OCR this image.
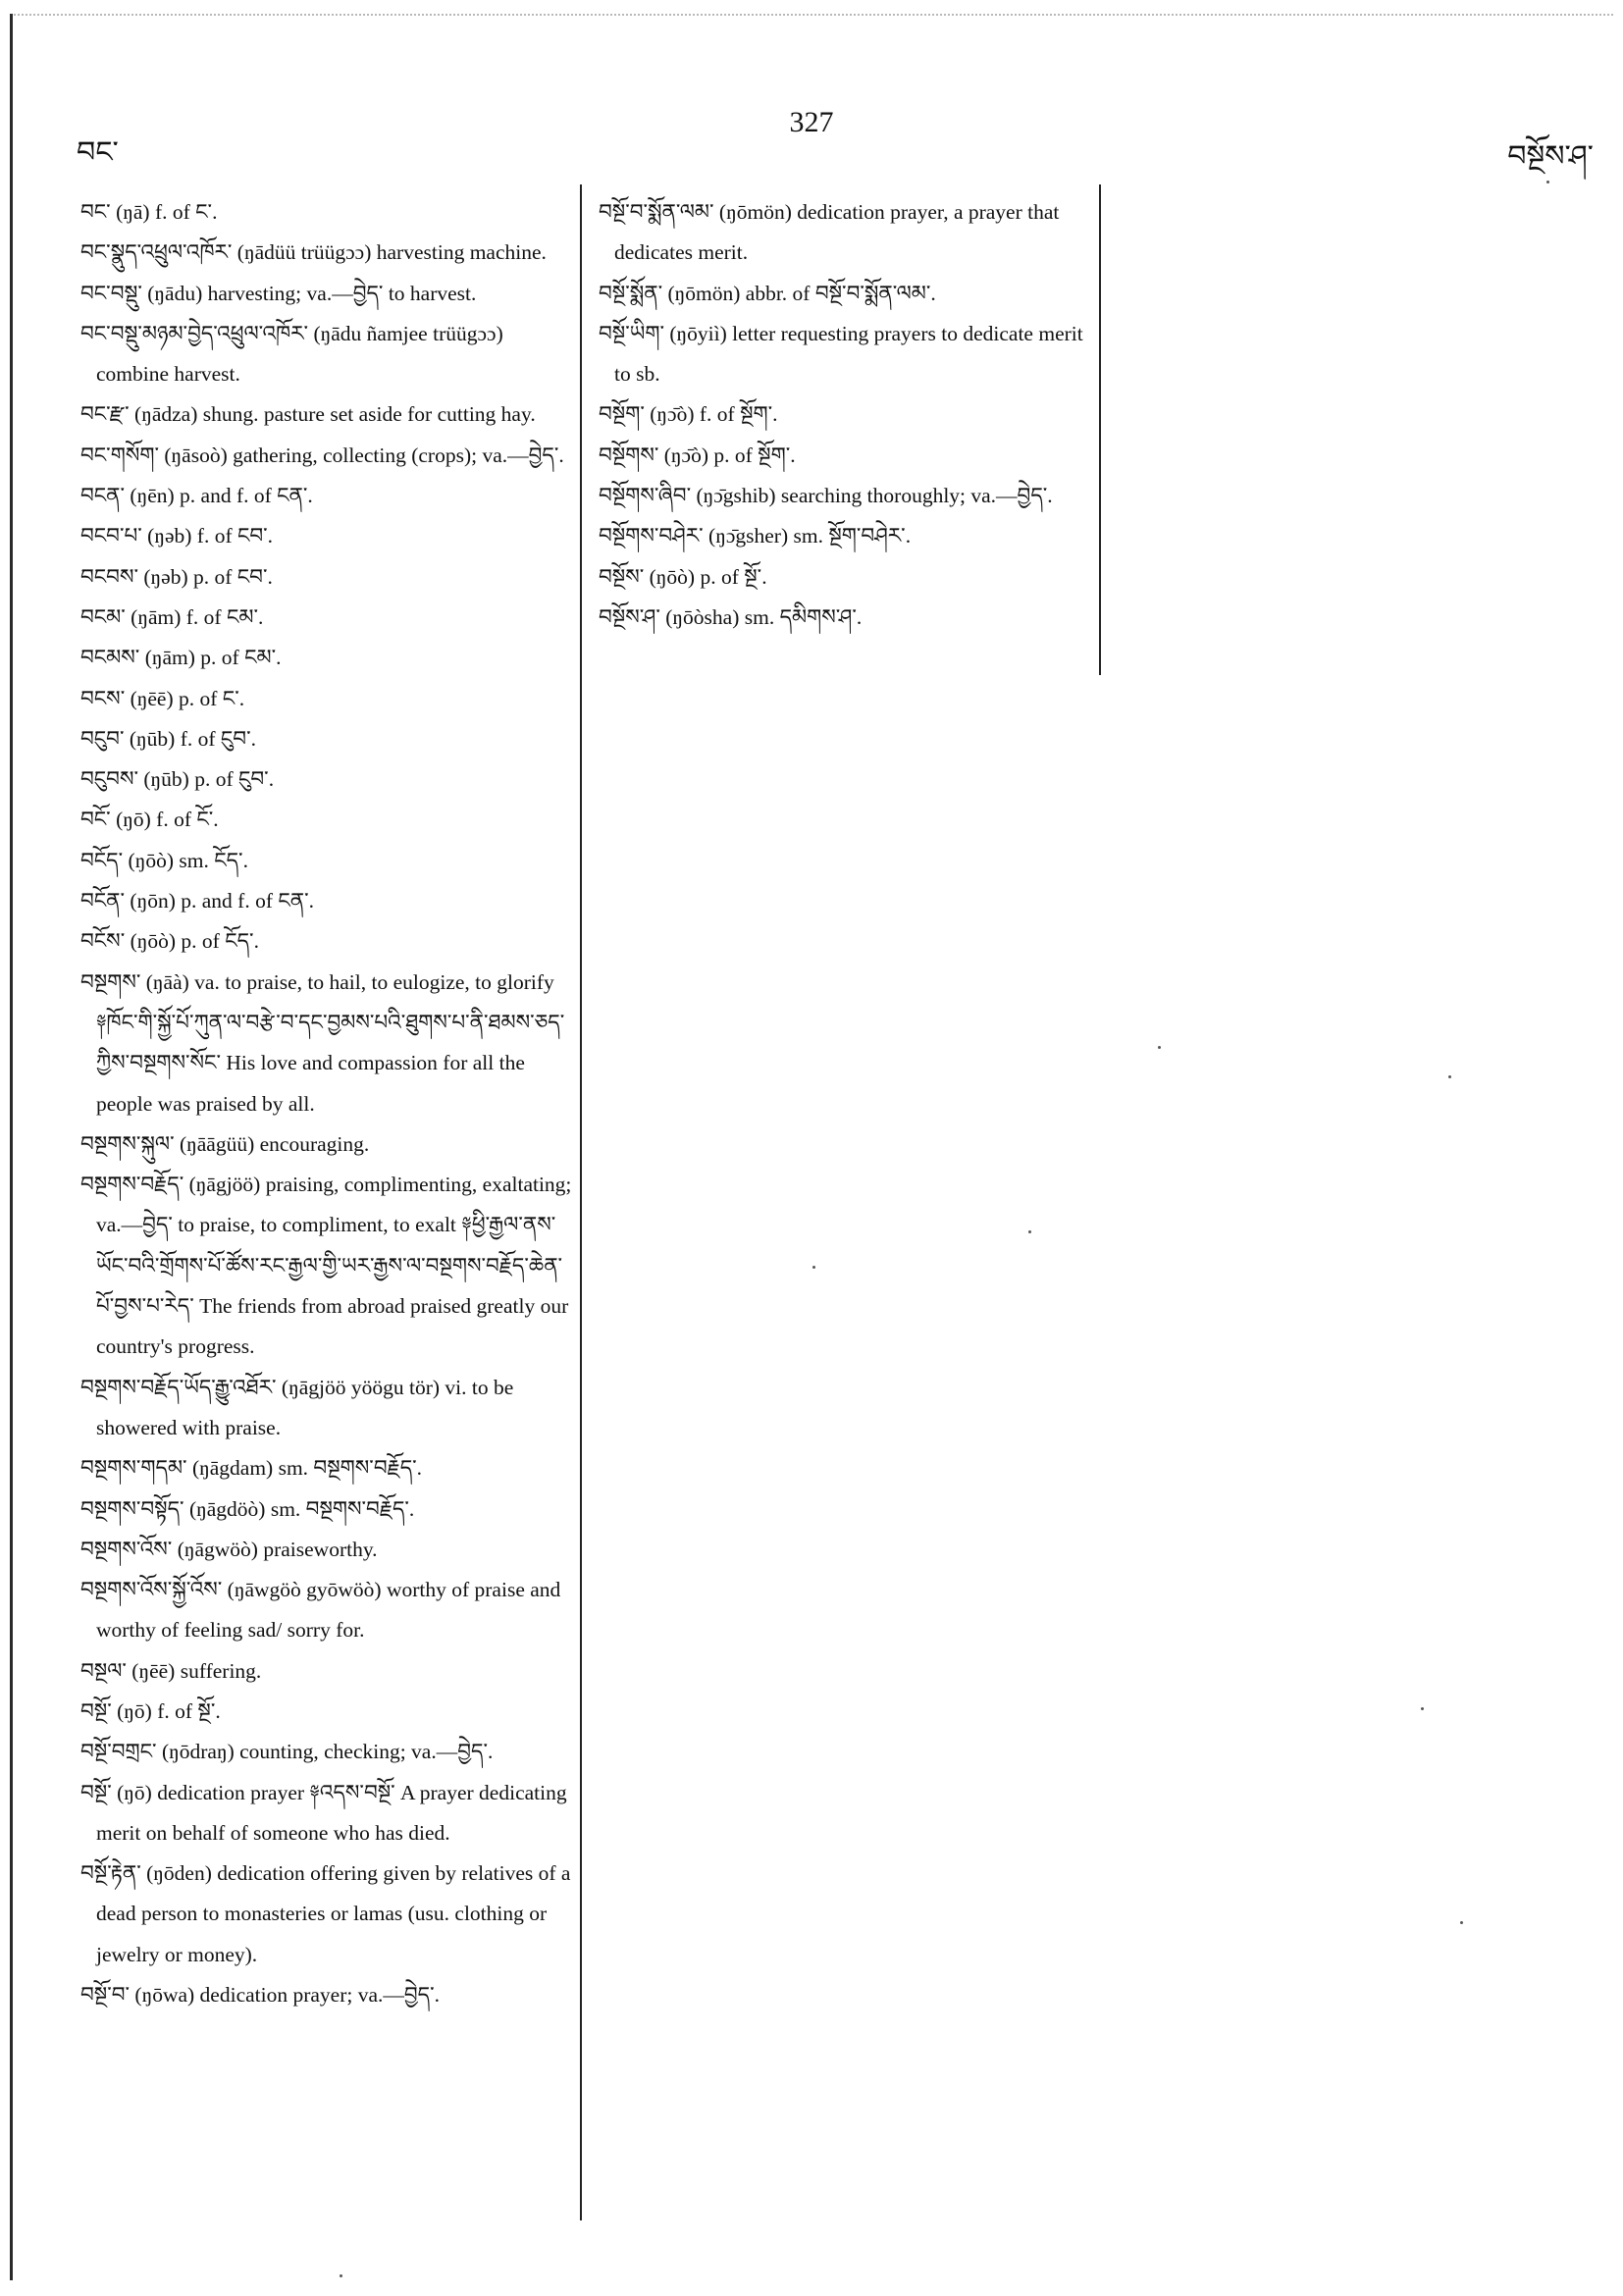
བང་
327
བསྔོས་ཤ་

བང་ (ŋā) f. of ང་.

བང་སྣུད་འཕྲུལ་འཁོར་ (ŋādüü trüügɔɔ) harvesting machine.

བང་བསྡུ་ (ŋādu) harvesting; va.—བྱེད་ to harvest.

བང་བསྡུ་མཉམ་བྱེད་འཕྲུལ་འཁོར་ (ŋādu ñamjee trüügɔɔ) combine harvest.

བང་རྫ་ (ŋādza) shung. pasture set aside for cutting hay.

བང་གསོག་ (ŋāsoò) gathering, collecting (crops); va.—བྱེད་.

བངན་ (ŋēn) p. and f. of ངན་.

བངབ་པ་ (ŋəb) f. of ངབ་.

བངབས་ (ŋəb) p. of ངབ་.

བངམ་ (ŋām) f. of ངམ་.

བངམས་ (ŋām) p. of ངམ་.

བངས་ (ŋēē) p. of ང་.

བངུབ་ (ŋūb) f. of ངུབ་.

བངུབས་ (ŋūb) p. of ངུབ་.

བངོ་ (ŋō) f. of ངོ་.

བངོད་ (ŋōò) sm. ངོད་.

བངོན་ (ŋōn) p. and f. of ངན་.

བངོས་ (ŋōò) p. of ངོད་.

བསྔགས་ (ŋāà) va. to praise, to hail, to eulogize, to glorify ༈ཁོང་གི་སྐྱོ་པོ་ཀུན་ལ་བརྩེ་བ་དང་བྱམས་པའི་ཐུགས་པ་ནི་ཐམས་ཅད་ཀྱིས་བསྔགས་སོང་ His love and compassion for all the people was praised by all.

བསྔགས་སྐུལ་ (ŋāāgüü) encouraging.

བསྔགས་བརྗོད་ (ŋāgjöö) praising, complimenting, exaltating; va.—བྱེད་ to praise, to compliment, to exalt ༈ཕྱི་རྒྱལ་ནས་ཡོང་བའི་གྲོགས་པོ་ཚོས་རང་རྒྱལ་གྱི་ཡར་རྒྱས་ལ་བསྔགས་བརྗོད་ཆེན་པོ་བྱས་པ་རེད་ The friends from abroad praised greatly our country's progress.

བསྔགས་བརྗོད་ཡོད་རྒྱུ་འཐོར་ (ŋāgjöö yöögu tör) vi. to be showered with praise.

བསྔགས་གདམ་ (ŋāgdam) sm. བསྔགས་བརྗོད་.

བསྔགས་བསྟོད་ (ŋāgdöò) sm. བསྔགས་བརྗོད་.

བསྔགས་འོས་ (ŋāgwöò) praiseworthy.

བསྔགས་འོས་སྐྱོ་འོས་ (ŋāwgöò gyōwöò) worthy of praise and worthy of feeling sad/ sorry for.

བསྔལ་ (ŋēē) suffering.

བསྔོ་ (ŋō) f. of སྔོ་.

བསྔོ་བགྲང་ (ŋōdraŋ) counting, checking; va.—བྱེད་.

བསྔོ་ (ŋō) dedication prayer ༈འདས་བསྔོ་ A prayer dedicating merit on behalf of someone who has died.

བསྔོ་རྟེན་ (ŋōden) dedication offering given by relatives of a dead person to monasteries or lamas (usu. clothing or jewelry or money).

བསྔོ་བ་ (ŋōwa) dedication prayer; va.—བྱེད་.

བསྔོ་བ་སྨོན་ལམ་ (ŋōmön) dedication prayer, a prayer that dedicates merit.

བསྔོ་སྨོན་ (ŋōmön) abbr. of བསྔོ་བ་སྨོན་ལམ་.

བསྔོ་ཡིག་ (ŋōyiì) letter requesting prayers to dedicate merit to sb.

བསྔོག་ (ŋɔ̄ò) f. of སྔོག་.

བསྔོགས་ (ŋɔ̄ò) p. of སྔོག་.

བསྔོགས་ཞིབ་ (ŋɔ̄gshib) searching thoroughly; va.—བྱེད་.

བསྔོགས་བཤེར་ (ŋɔ̄gsher) sm. སྔོག་བཤེར་.

བསྔོས་ (ŋōò) p. of སྔོ་.

བསྔོས་ཤ་ (ŋōòsha) sm. དམིགས་ཤ་.
